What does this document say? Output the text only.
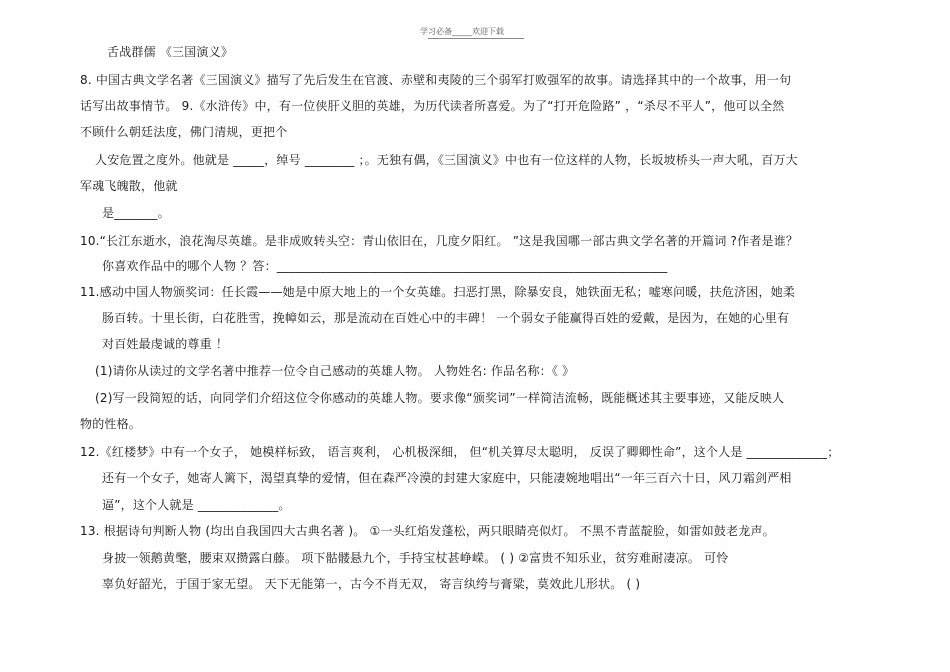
学习必备_____欢迎下载
舌战群儒 《三国演义》
8. 中国古典文学名著《三国演义》描写了先后发生在官渡、赤壁和夷陵的三个弱军打败强军的故事。请选择其中的一个故事，用一句
话写出故事情节。 9.《水浒传》中，有一位侠肝义胆的英雄，为历代读者所喜爱。为了“打开危险路” ，“杀尽不平人”，他可以全然
不顾什么朝廷法度，佛门清规，更把个
人安危置之度外。他就是 _____，绰号 ________ ；。无独有偶，《三国演义》中也有一位这样的人物，长坂坡桥头一声大吼，百万大
军魂飞魄散，他就
是_______。
10.“长江东逝水，浪花淘尽英雄。是非成败转头空：青山依旧在，几度夕阳红。 ”这是我国哪一部古典文学名著的开篇词 ?作者是谁？
你喜欢作品中的哪个人物 ？答：_______________________________________________________________
11.感动中国人物颁奖词：任长霞——她是中原大地上的一个女英雄。扫恶打黑，除暴安良，她铁面无私；嘘寒问暖，扶危济困，她柔
肠百转。十里长街，白花胜雪，挽幛如云，那是流动在百姓心中的丰碑！ 一个弱女子能赢得百姓的爱戴，是因为，在她的心里有
对百姓最虔诚的尊重 ！
(1)请你从读过的文学名著中推荐一位令自己感动的英雄人物。 人物姓名: 作品名称：《 》
(2)写一段简短的话，向同学们介绍这位令你感动的英雄人物。要求像“颁奖词”一样简洁流畅，既能概述其主要事迹，又能反映人
物的性格。
12.《红楼梦》中有一个女子， 她模样标致， 语言爽利， 心机极深细， 但“机关算尽太聪明， 反误了卿卿性命”，这个人是 _____________；
还有一个女子，她寄人篱下，渴望真挚的爱情，但在森严冷漠的封建大家庭中，只能凄婉地唱出“一年三百六十日，风刀霜剑严相
逼”，这个人就是 _____________。
13. 根据诗句判断人物 (均出自我国四大古典名著 )。 ①一头红焰发蓬松，两只眼睛亮似灯。 不黑不青蓝靛脸，如雷如鼓老龙声。
身披一领鹅黄氅，腰束双攒露白藤。 项下骷髅悬九个，手持宝杖甚峥嵘。 ( ) ②富贵不知乐业，贫穷难耐凄凉。 可怜
辜负好韶光，于国于家无望。 天下无能第一，古今不肖无双， 寄言纨绔与膏粱，莫效此儿形状。 ( )
